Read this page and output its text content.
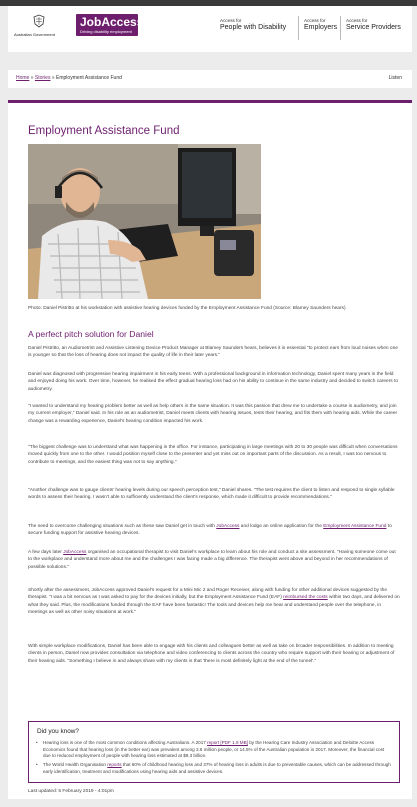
Australian Government
JobAccess
Driving disability employment
Access for
People with Disability
Access for
Employers
Access for
Service Providers
Home » Stories » Employment Assistance Fund	Listen
Employment Assistance Fund
Photo: Daniel Pistritto at his workstation with assistive hearing devices funded by the Employment Assistance Fund (Source: Blamey Saunders hears)
A perfect pitch solution for Daniel

Daniel Pistritto, an Audiometrist and Assistive Listening Device Product Manager at Blamey Saunders hears, believes it is essential "to protect ears from loud noises when one is younger so that the loss of hearing does not impact the quality of life in their later years."

Daniel was diagnosed with progressive hearing impairment in his early teens. With a professional background in information technology, Daniel spent many years in the field and enjoyed doing his work. Over time, however, he realised the effect gradual hearing loss had on his ability to continue in the same industry and decided to switch careers to audiometry.

"I wanted to understand my hearing problem better as well as help others in the same situation. It was this passion that drew me to undertake a course in audiometry, and join my current employer," Daniel said. In his role as an audiometrist, Daniel meets clients with hearing issues, tests their hearing, and fits them with hearing aids. While the career change was a rewarding experience, Daniel's hearing condition impacted his work.

"The biggest challenge was to understand what was happening in the office. For instance, participating in large meetings with 20 to 30 people was difficult when conversations moved quickly from one to the other. I would position myself close to the presenter and yet miss out on important parts of the discussion. As a result, I was too nervous to contribute to meetings, and the easiest thing was not to say anything."

"Another challenge was to gauge clients' hearing levels during our speech perception test," Daniel shares. "The test requires the client to listen and respond to single syllable words to assess their hearing. I wasn't able to sufficiently understand the client's response, which made it difficult to provide recommendations."

The need to overcome challenging situations such as these saw Daniel get in touch with JobAccess and lodge an online application for the Employment Assistance Fund to secure funding support for assistive hearing devices.

A few days later JobAccess organised an occupational therapist to visit Daniel's workplace to learn about his role and conduct a site assessment. "Having someone come out to the workplace and understand more about me and the challenges I was facing made a big difference. The therapist went above and beyond in her recommendations of possible solutions."

Shortly after the assessment, JobAccess approved Daniel's request for a Mini Mic 2 and Roger Receiver, along with funding for other additional devices suggested by the therapist. "I was a bit nervous as I was asked to pay for the devices initially, but the Employment Assistance Fund (EAF) reimbursed the costs within two days, and delivered on what they said. Plus, the modifications funded through the EAF have been fantastic! The tools and devices help me hear and understand people over the telephone, in meetings as well as other noisy situations at work."

With simple workplace modifications, Daniel has been able to engage with his clients and colleagues better as well as take on broader responsibilities. In addition to meeting clients in person, Daniel now provides consultation via telephone and video conferencing to clients across the country who require support with their hearing or adjustment of their hearing aids. "Something I believe in and always share with my clients is that 'there is most definitely light at the end of the tunnel'."

Did you know?
• Hearing loss is one of the most common conditions affecting Australians. A 2017 report [PDF 1.9 MB] by the Hearing Care Industry Association and Deloitte Access Economics found that hearing loss (in the better ear) was prevalent among 3.6 million people, or 14.5% of the Australian population in 2017. Moreover, the financial cost due to reduced employment of people with hearing loss estimated at $9.3 billion.
• The World Health Organisation reports that 60% of childhood hearing loss and 37% of hearing loss in adults is due to preventable causes, which can be addressed through early identification, treatment and modifications using hearing aids and assistive devices.
Last updated: 5 February 2019 - 4:01pm
